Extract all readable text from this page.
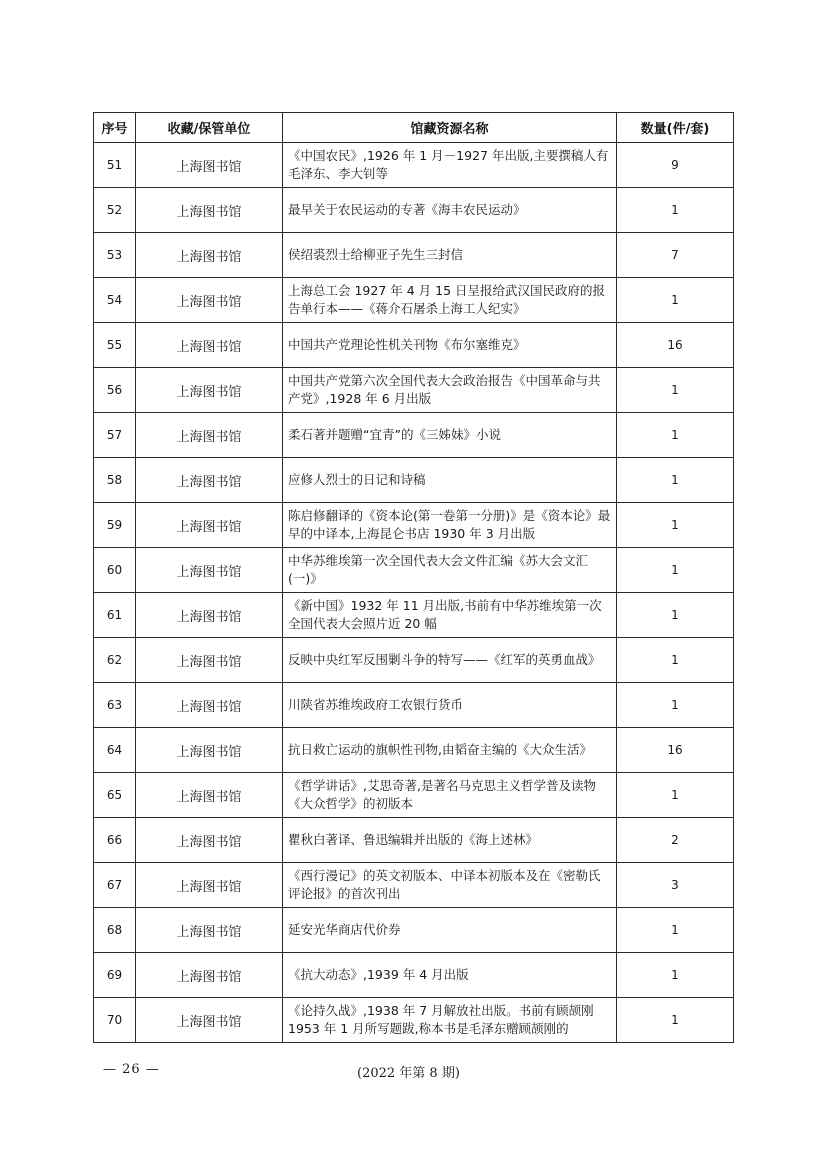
序号	收藏/保管单位	馆藏资源名称	数量(件/套)
51	上海图书馆	《中国农民》,1926 年 1 月－1927 年出版,主要撰稿人有毛泽东、李大钊等	9
52	上海图书馆	最早关于农民运动的专著《海丰农民运动》	1
53	上海图书馆	侯绍裘烈士给柳亚子先生三封信	7
54	上海图书馆	上海总工会 1927 年 4 月 15 日呈报给武汉国民政府的报告单行本——《蒋介石屠杀上海工人纪实》	1
55	上海图书馆	中国共产党理论性机关刊物《布尔塞维克》	16
56	上海图书馆	中国共产党第六次全国代表大会政治报告《中国革命与共产党》,1928 年 6 月出版	1
57	上海图书馆	柔石著并题赠“宜青”的《三姊妹》小说	1
58	上海图书馆	应修人烈士的日记和诗稿	1
59	上海图书馆	陈启修翻译的《资本论(第一卷第一分册)》是《资本论》最早的中译本,上海昆仑书店 1930 年 3 月出版	1
60	上海图书馆	中华苏维埃第一次全国代表大会文件汇编《苏大会文汇(一)》	1
61	上海图书馆	《新中国》1932 年 11 月出版,书前有中华苏维埃第一次全国代表大会照片近 20 幅	1
62	上海图书馆	反映中央红军反围剿斗争的特写——《红军的英勇血战》	1
63	上海图书馆	川陕省苏维埃政府工农银行货币	1
64	上海图书馆	抗日救亡运动的旗帜性刊物,由韬奋主编的《大众生活》	16
65	上海图书馆	《哲学讲话》,艾思奇著,是著名马克思主义哲学普及读物《大众哲学》的初版本	1
66	上海图书馆	瞿秋白著译、鲁迅编辑并出版的《海上述林》	2
67	上海图书馆	《西行漫记》的英文初版本、中译本初版本及在《密勒氏评论报》的首次刊出	3
68	上海图书馆	延安光华商店代价券	1
69	上海图书馆	《抗大动态》,1939 年 4 月出版	1
70	上海图书馆	《论持久战》,1938 年 7 月解放社出版。书前有顾颉刚1953 年 1 月所写题跋,称本书是毛泽东赠顾颉刚的	1
— 26 —	(2022 年第 8 期)
